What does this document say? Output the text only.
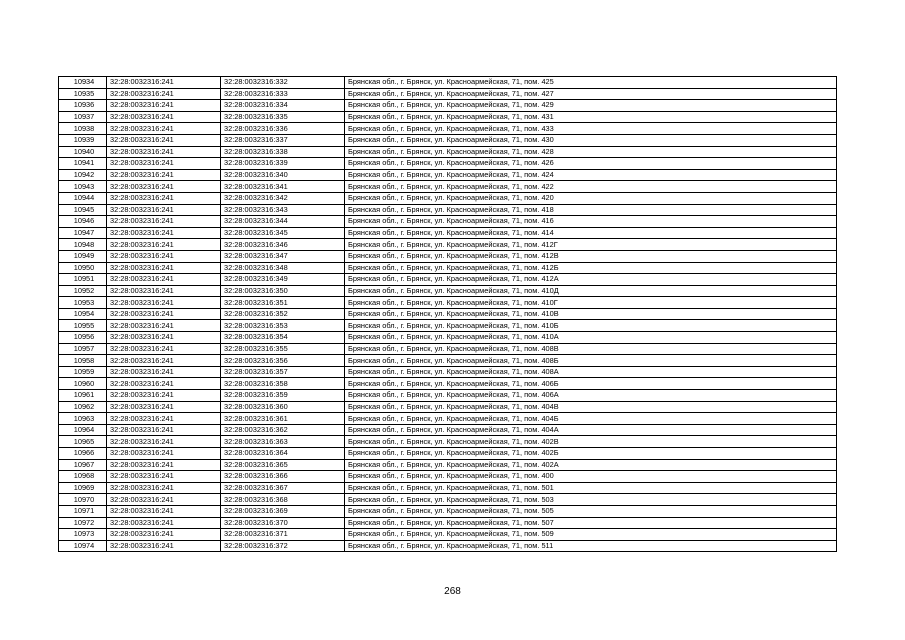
10934	32:28:0032316:241	32:28:0032316:332	Брянская обл., г. Брянск, ул. Красноармейская, 71, пом. 425
10935	32:28:0032316:241	32:28:0032316:333	Брянская обл., г. Брянск, ул. Красноармейская, 71, пом. 427
10936	32:28:0032316:241	32:28:0032316:334	Брянская обл., г. Брянск, ул. Красноармейская, 71, пом. 429
10937	32:28:0032316:241	32:28:0032316:335	Брянская обл., г. Брянск, ул. Красноармейская, 71, пом. 431
10938	32:28:0032316:241	32:28:0032316:336	Брянская обл., г. Брянск, ул. Красноармейская, 71, пом. 433
10939	32:28:0032316:241	32:28:0032316:337	Брянская обл., г. Брянск, ул. Красноармейская, 71, пом. 430
10940	32:28:0032316:241	32:28:0032316:338	Брянская обл., г. Брянск, ул. Красноармейская, 71, пом. 428
10941	32:28:0032316:241	32:28:0032316:339	Брянская обл., г. Брянск, ул. Красноармейская, 71, пом. 426
10942	32:28:0032316:241	32:28:0032316:340	Брянская обл., г. Брянск, ул. Красноармейская, 71, пом. 424
10943	32:28:0032316:241	32:28:0032316:341	Брянская обл., г. Брянск, ул. Красноармейская, 71, пом. 422
10944	32:28:0032316:241	32:28:0032316:342	Брянская обл., г. Брянск, ул. Красноармейская, 71, пом. 420
10945	32:28:0032316:241	32:28:0032316:343	Брянская обл., г. Брянск, ул. Красноармейская, 71, пом. 418
10946	32:28:0032316:241	32:28:0032316:344	Брянская обл., г. Брянск, ул. Красноармейская, 71, пом. 416
10947	32:28:0032316:241	32:28:0032316:345	Брянская обл., г. Брянск, ул. Красноармейская, 71, пом. 414
10948	32:28:0032316:241	32:28:0032316:346	Брянская обл., г. Брянск, ул. Красноармейская, 71, пом. 412Г
10949	32:28:0032316:241	32:28:0032316:347	Брянская обл., г. Брянск, ул. Красноармейская, 71, пом. 412В
10950	32:28:0032316:241	32:28:0032316:348	Брянская обл., г. Брянск, ул. Красноармейская, 71, пом. 412Б
10951	32:28:0032316:241	32:28:0032316:349	Брянская обл., г. Брянск, ул. Красноармейская, 71, пом. 412А
10952	32:28:0032316:241	32:28:0032316:350	Брянская обл., г. Брянск, ул. Красноармейская, 71, пом. 410Д
10953	32:28:0032316:241	32:28:0032316:351	Брянская обл., г. Брянск, ул. Красноармейская, 71, пом. 410Г
10954	32:28:0032316:241	32:28:0032316:352	Брянская обл., г. Брянск, ул. Красноармейская, 71, пом. 410В
10955	32:28:0032316:241	32:28:0032316:353	Брянская обл., г. Брянск, ул. Красноармейская, 71, пом. 410Б
10956	32:28:0032316:241	32:28:0032316:354	Брянская обл., г. Брянск, ул. Красноармейская, 71, пом. 410А
10957	32:28:0032316:241	32:28:0032316:355	Брянская обл., г. Брянск, ул. Красноармейская, 71, пом. 408В
10958	32:28:0032316:241	32:28:0032316:356	Брянская обл., г. Брянск, ул. Красноармейская, 71, пом. 408Б
10959	32:28:0032316:241	32:28:0032316:357	Брянская обл., г. Брянск, ул. Красноармейская, 71, пом. 408А
10960	32:28:0032316:241	32:28:0032316:358	Брянская обл., г. Брянск, ул. Красноармейская, 71, пом. 406Б
10961	32:28:0032316:241	32:28:0032316:359	Брянская обл., г. Брянск, ул. Красноармейская, 71, пом. 406А
10962	32:28:0032316:241	32:28:0032316:360	Брянская обл., г. Брянск, ул. Красноармейская, 71, пом. 404В
10963	32:28:0032316:241	32:28:0032316:361	Брянская обл., г. Брянск, ул. Красноармейская, 71, пом. 404Б
10964	32:28:0032316:241	32:28:0032316:362	Брянская обл., г. Брянск, ул. Красноармейская, 71, пом. 404А
10965	32:28:0032316:241	32:28:0032316:363	Брянская обл., г. Брянск, ул. Красноармейская, 71, пом. 402В
10966	32:28:0032316:241	32:28:0032316:364	Брянская обл., г. Брянск, ул. Красноармейская, 71, пом. 402Б
10967	32:28:0032316:241	32:28:0032316:365	Брянская обл., г. Брянск, ул. Красноармейская, 71, пом. 402А
10968	32:28:0032316:241	32:28:0032316:366	Брянская обл., г. Брянск, ул. Красноармейская, 71, пом. 400
10969	32:28:0032316:241	32:28:0032316:367	Брянская обл., г. Брянск, ул. Красноармейская, 71, пом. 501
10970	32:28:0032316:241	32:28:0032316:368	Брянская обл., г. Брянск, ул. Красноармейская, 71, пом. 503
10971	32:28:0032316:241	32:28:0032316:369	Брянская обл., г. Брянск, ул. Красноармейская, 71, пом. 505
10972	32:28:0032316:241	32:28:0032316:370	Брянская обл., г. Брянск, ул. Красноармейская, 71, пом. 507
10973	32:28:0032316:241	32:28:0032316:371	Брянская обл., г. Брянск, ул. Красноармейская, 71, пом. 509
10974	32:28:0032316:241	32:28:0032316:372	Брянская обл., г. Брянск, ул. Красноармейская, 71, пом. 511
268
